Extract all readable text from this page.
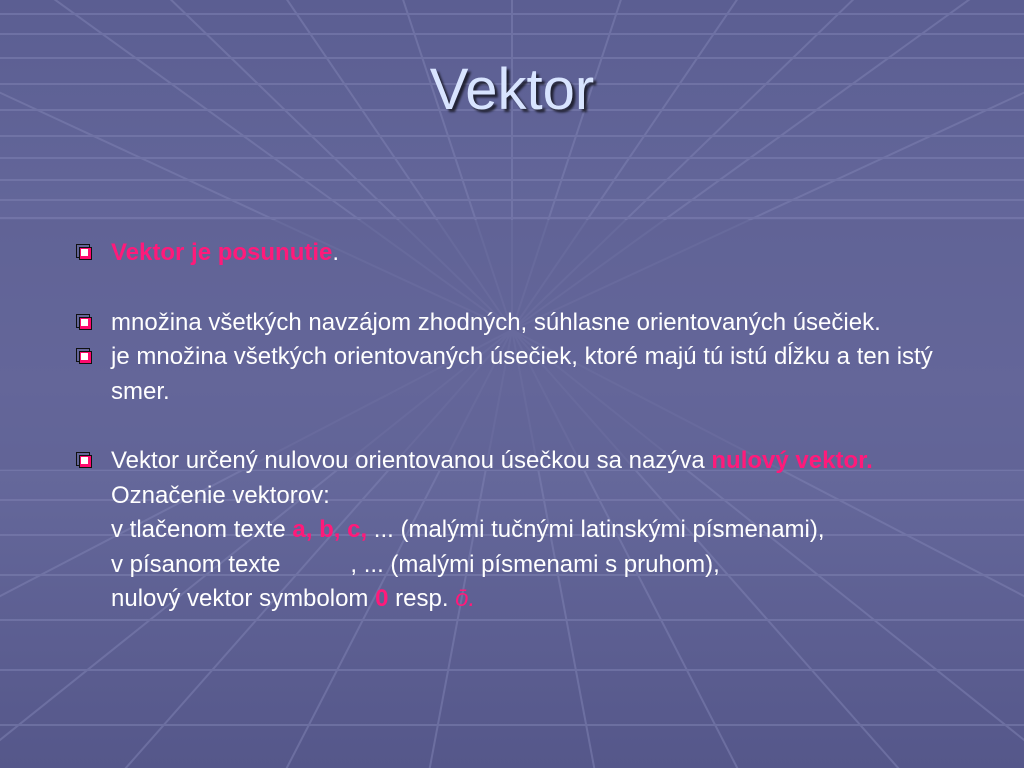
Vektor
Vektor je posunutie.
množina všetkých navzájom zhodných, súhlasne orientovaných úsečiek.
je množina všetkých orientovaných úsečiek, ktoré majú tú istú dĺžku a ten istý smer.
Vektor určený nulovou orientovanou úsečkou sa nazýva nulový vektor.
Označenie vektorov:
v tlačenom texte a, b, c, ... (malými tučnými latinskými písmenami),
v písanom texte	, ... (malými písmenami s pruhom),
nulový vektor symbolom 0 resp. ō.
